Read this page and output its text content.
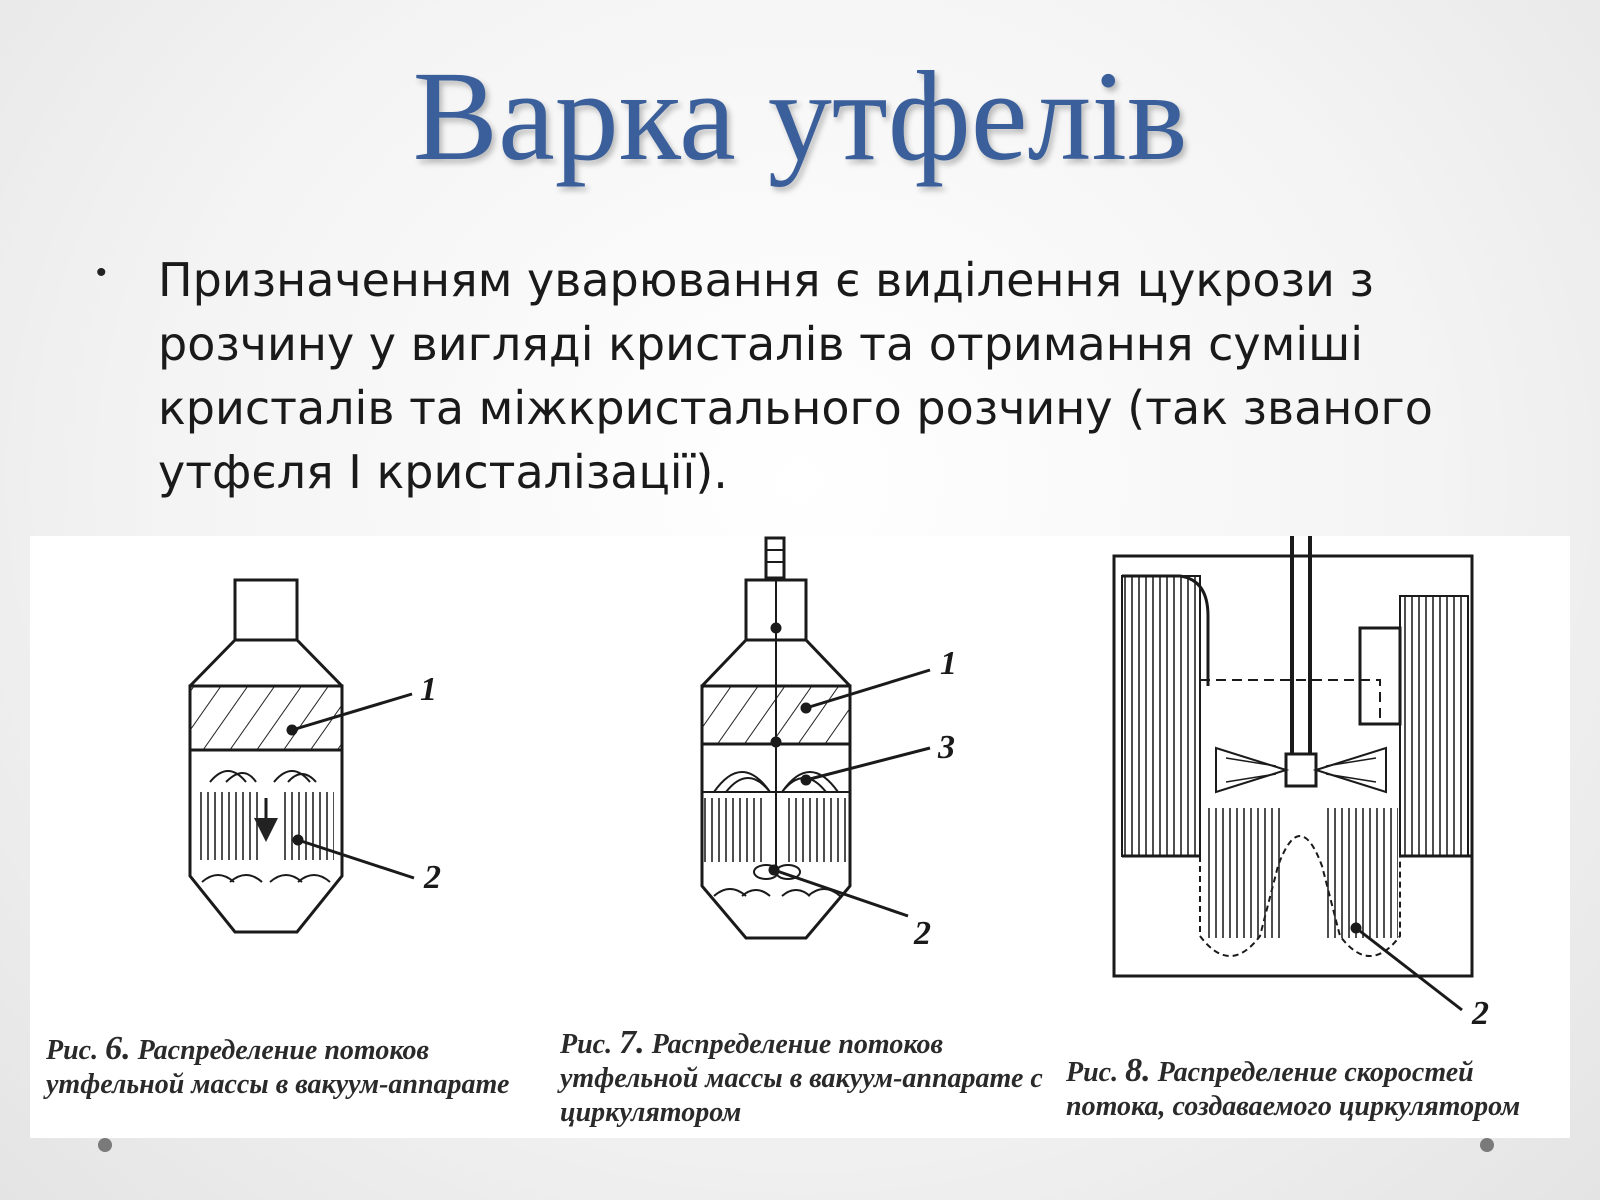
Варка утфелів
• Призначенням уварювання є виділення цукрози з розчину у вигляді кристалів та отримання суміші кристалів та міжкристального розчину (так званого утфєля І кристалізації).
1
2
1
3
2
2
Рис. 6. Распределение потоков утфельной массы в вакуум-аппарате
Рис. 7. Распределение потоков утфельной массы в вакуум-аппарате с циркулятором
Рис. 8. Распределение скоростей потока, создаваемого циркулятором
